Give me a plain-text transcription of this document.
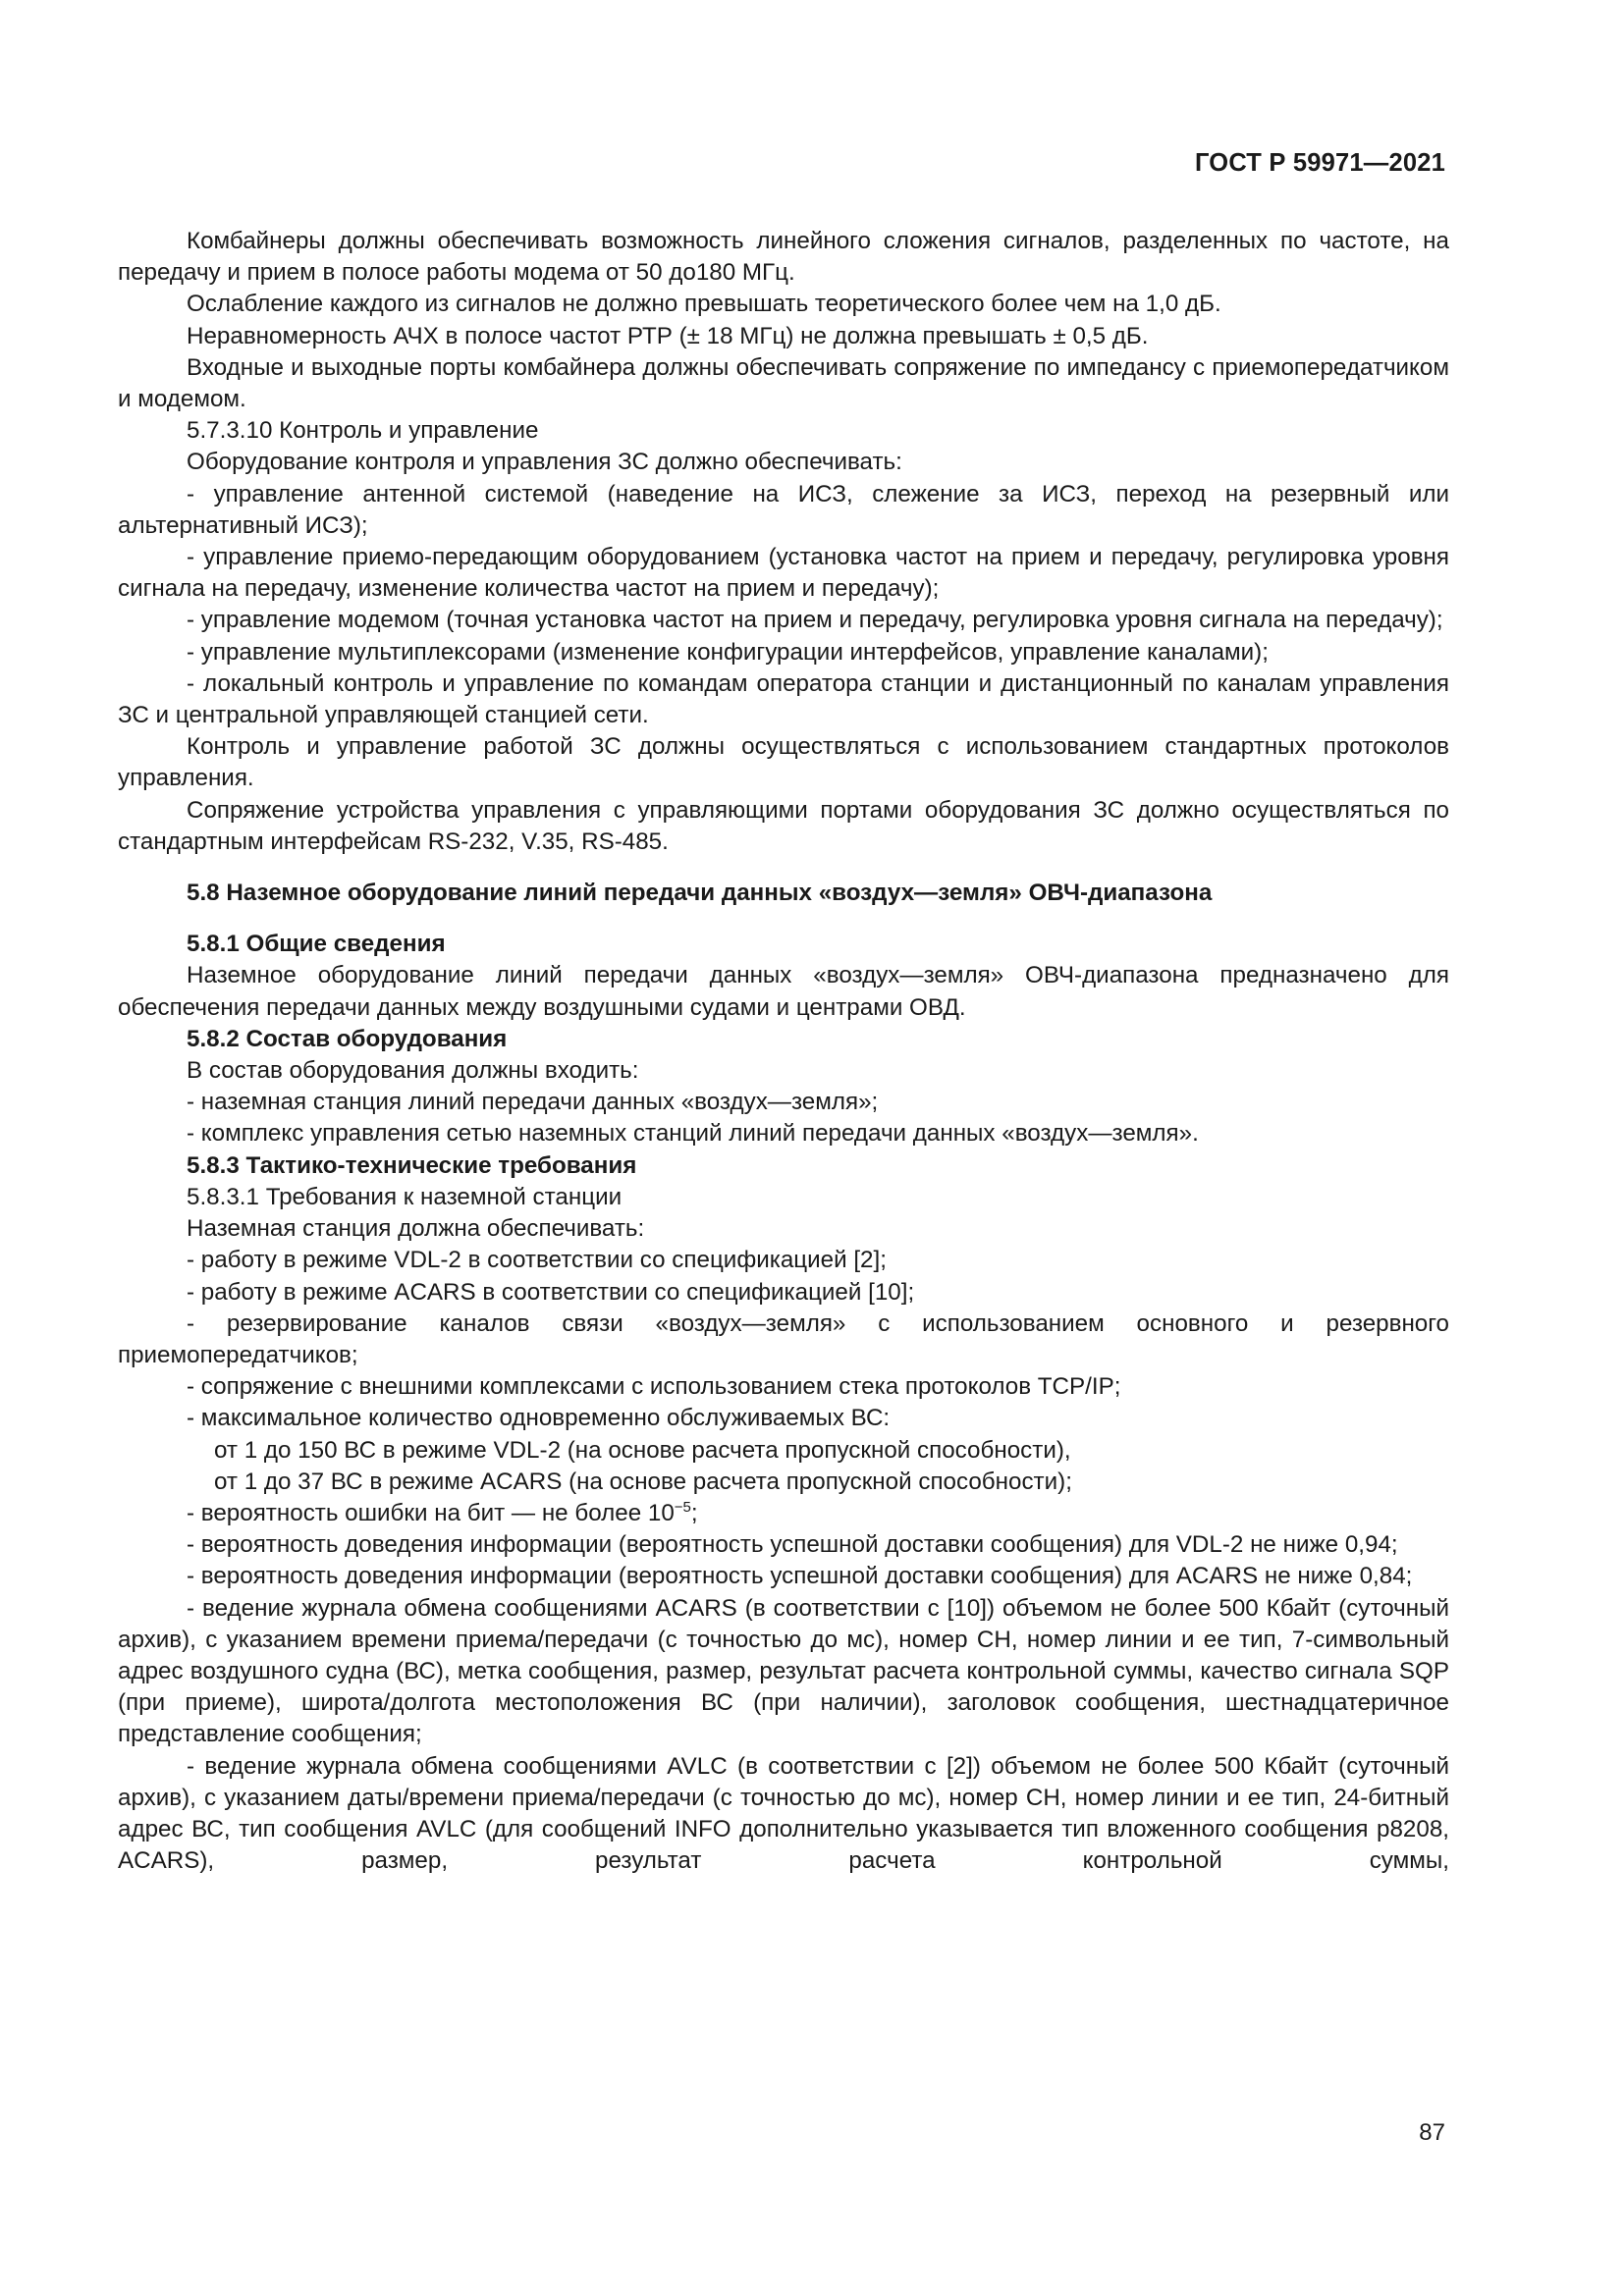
ГОСТ Р 59971—2021

Комбайнеры должны обеспечивать возможность линейного сложения сигналов, разделенных по частоте, на передачу и прием в полосе работы модема от 50 до180 МГц.

Ослабление каждого из сигналов не должно превышать теоретического более чем на 1,0 дБ.

Неравномерность АЧХ в полосе частот РТР (± 18 МГц) не должна превышать ± 0,5 дБ.

Входные и выходные порты комбайнера должны обеспечивать сопряжение по импедансу с приемопередатчиком и модемом.

5.7.3.10 Контроль и управление

Оборудование контроля и управления ЗС должно обеспечивать:

- управление антенной системой (наведение на ИСЗ, слежение за ИСЗ, переход на резервный или альтернативный ИСЗ);

- управление приемо-передающим оборудованием (установка частот на прием и передачу, регулировка уровня сигнала на передачу, изменение количества частот на прием и передачу);

- управление модемом (точная установка частот на прием и передачу, регулировка уровня сигнала на передачу);

- управление мультиплексорами (изменение конфигурации интерфейсов, управление каналами);

- локальный контроль и управление по командам оператора станции и дистанционный по каналам управления ЗС и центральной управляющей станцией сети.

Контроль и управление работой ЗС должны осуществляться с использованием стандартных протоколов управления.

Сопряжение устройства управления с управляющими портами оборудования ЗС должно осуществляться по стандартным интерфейсам RS-232, V.35, RS-485.

5.8 Наземное оборудование линий передачи данных «воздух—земля» ОВЧ-диапазона

5.8.1 Общие сведения

Наземное оборудование линий передачи данных «воздух—земля» ОВЧ-диапазона предназначено для обеспечения передачи данных между воздушными судами и центрами ОВД.

5.8.2 Состав оборудования

В состав оборудования должны входить:

- наземная станция линий передачи данных «воздух—земля»;

- комплекс управления сетью наземных станций линий передачи данных «воздух—земля».

5.8.3 Тактико-технические требования

5.8.3.1 Требования к наземной станции

Наземная станция должна обеспечивать:

- работу в режиме VDL-2 в соответствии со спецификацией [2];

- работу в режиме ACARS в соответствии со спецификацией [10];

- резервирование каналов связи «воздух—земля» с использованием основного и резервного приемопередатчиков;

- сопряжение с внешними комплексами с использованием стека протоколов TCP/IP;

- максимальное количество одновременно обслуживаемых ВС:

от 1 до 150 ВС в режиме VDL-2 (на основе расчета пропускной способности),

от 1 до 37 ВС в режиме ACARS (на основе расчета пропускной способности);

- вероятность ошибки на бит — не более $10^{-5}$;

- вероятность доведения информации (вероятность успешной доставки сообщения) для VDL-2 не ниже 0,94;

- вероятность доведения информации (вероятность успешной доставки сообщения) для ACARS не ниже 0,84;

- ведение журнала обмена сообщениями ACARS (в соответствии с [10]) объемом не более 500 Кбайт (суточный архив), с указанием времени приема/передачи (с точностью до мс), номер СН, номер линии и ее тип, 7-символьный адрес воздушного судна (ВС), метка сообщения, размер, результат расчета контрольной суммы, качество сигнала SQP (при приеме), широта/долгота местоположения ВС (при наличии), заголовок сообщения, шестнадцатеричное представление сообщения;

- ведение журнала обмена сообщениями AVLC (в соответствии с [2]) объемом не более 500 Кбайт (суточный архив), с указанием даты/времени приема/передачи (с точностью до мс), номер СН, номер линии и ее тип, 24-битный адрес ВС, тип сообщения AVLC (для сообщений INFO дополнительно указывается тип вложенного сообщения p8208, ACARS), размер, результат расчета контрольной суммы,

87
